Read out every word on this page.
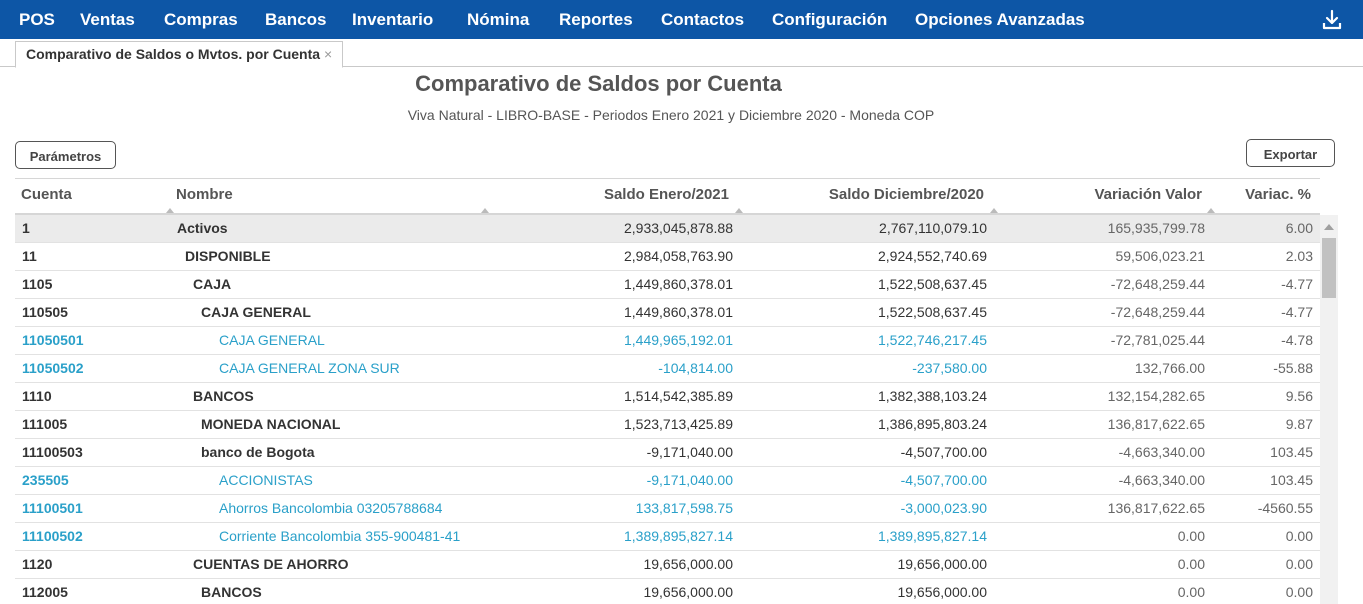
POS Ventas Compras Bancos Inventario Nómina Reportes Contactos Configuración Opciones Avanzadas
Comparativo de Saldos o Mvtos. por Cuenta ×
Comparativo de Saldos por Cuenta
Viva Natural - LIBRO-BASE - Periodos Enero 2021 y Diciembre 2020 - Moneda COP
Parámetros	Exportar
Cuenta	Nombre	Saldo Enero/2021	Saldo Diciembre/2020	Variación Valor	Variac. %
1	Activos	2,933,045,878.88	2,767,110,079.10	165,935,799.78	6.00
11	DISPONIBLE	2,984,058,763.90	2,924,552,740.69	59,506,023.21	2.03
1105	CAJA	1,449,860,378.01	1,522,508,637.45	-72,648,259.44	-4.77
110505	CAJA GENERAL	1,449,860,378.01	1,522,508,637.45	-72,648,259.44	-4.77
11050501	CAJA GENERAL	1,449,965,192.01	1,522,746,217.45	-72,781,025.44	-4.78
11050502	CAJA GENERAL ZONA SUR	-104,814.00	-237,580.00	132,766.00	-55.88
1110	BANCOS	1,514,542,385.89	1,382,388,103.24	132,154,282.65	9.56
111005	MONEDA NACIONAL	1,523,713,425.89	1,386,895,803.24	136,817,622.65	9.87
11100503	banco de Bogota	-9,171,040.00	-4,507,700.00	-4,663,340.00	103.45
235505	ACCIONISTAS	-9,171,040.00	-4,507,700.00	-4,663,340.00	103.45
11100501	Ahorros Bancolombia 03205788684	133,817,598.75	-3,000,023.90	136,817,622.65	-4560.55
11100502	Corriente Bancolombia 355-900481-41	1,389,895,827.14	1,389,895,827.14	0.00	0.00
1120	CUENTAS DE AHORRO	19,656,000.00	19,656,000.00	0.00	0.00
112005	BANCOS	19,656,000.00	19,656,000.00	0.00	0.00
